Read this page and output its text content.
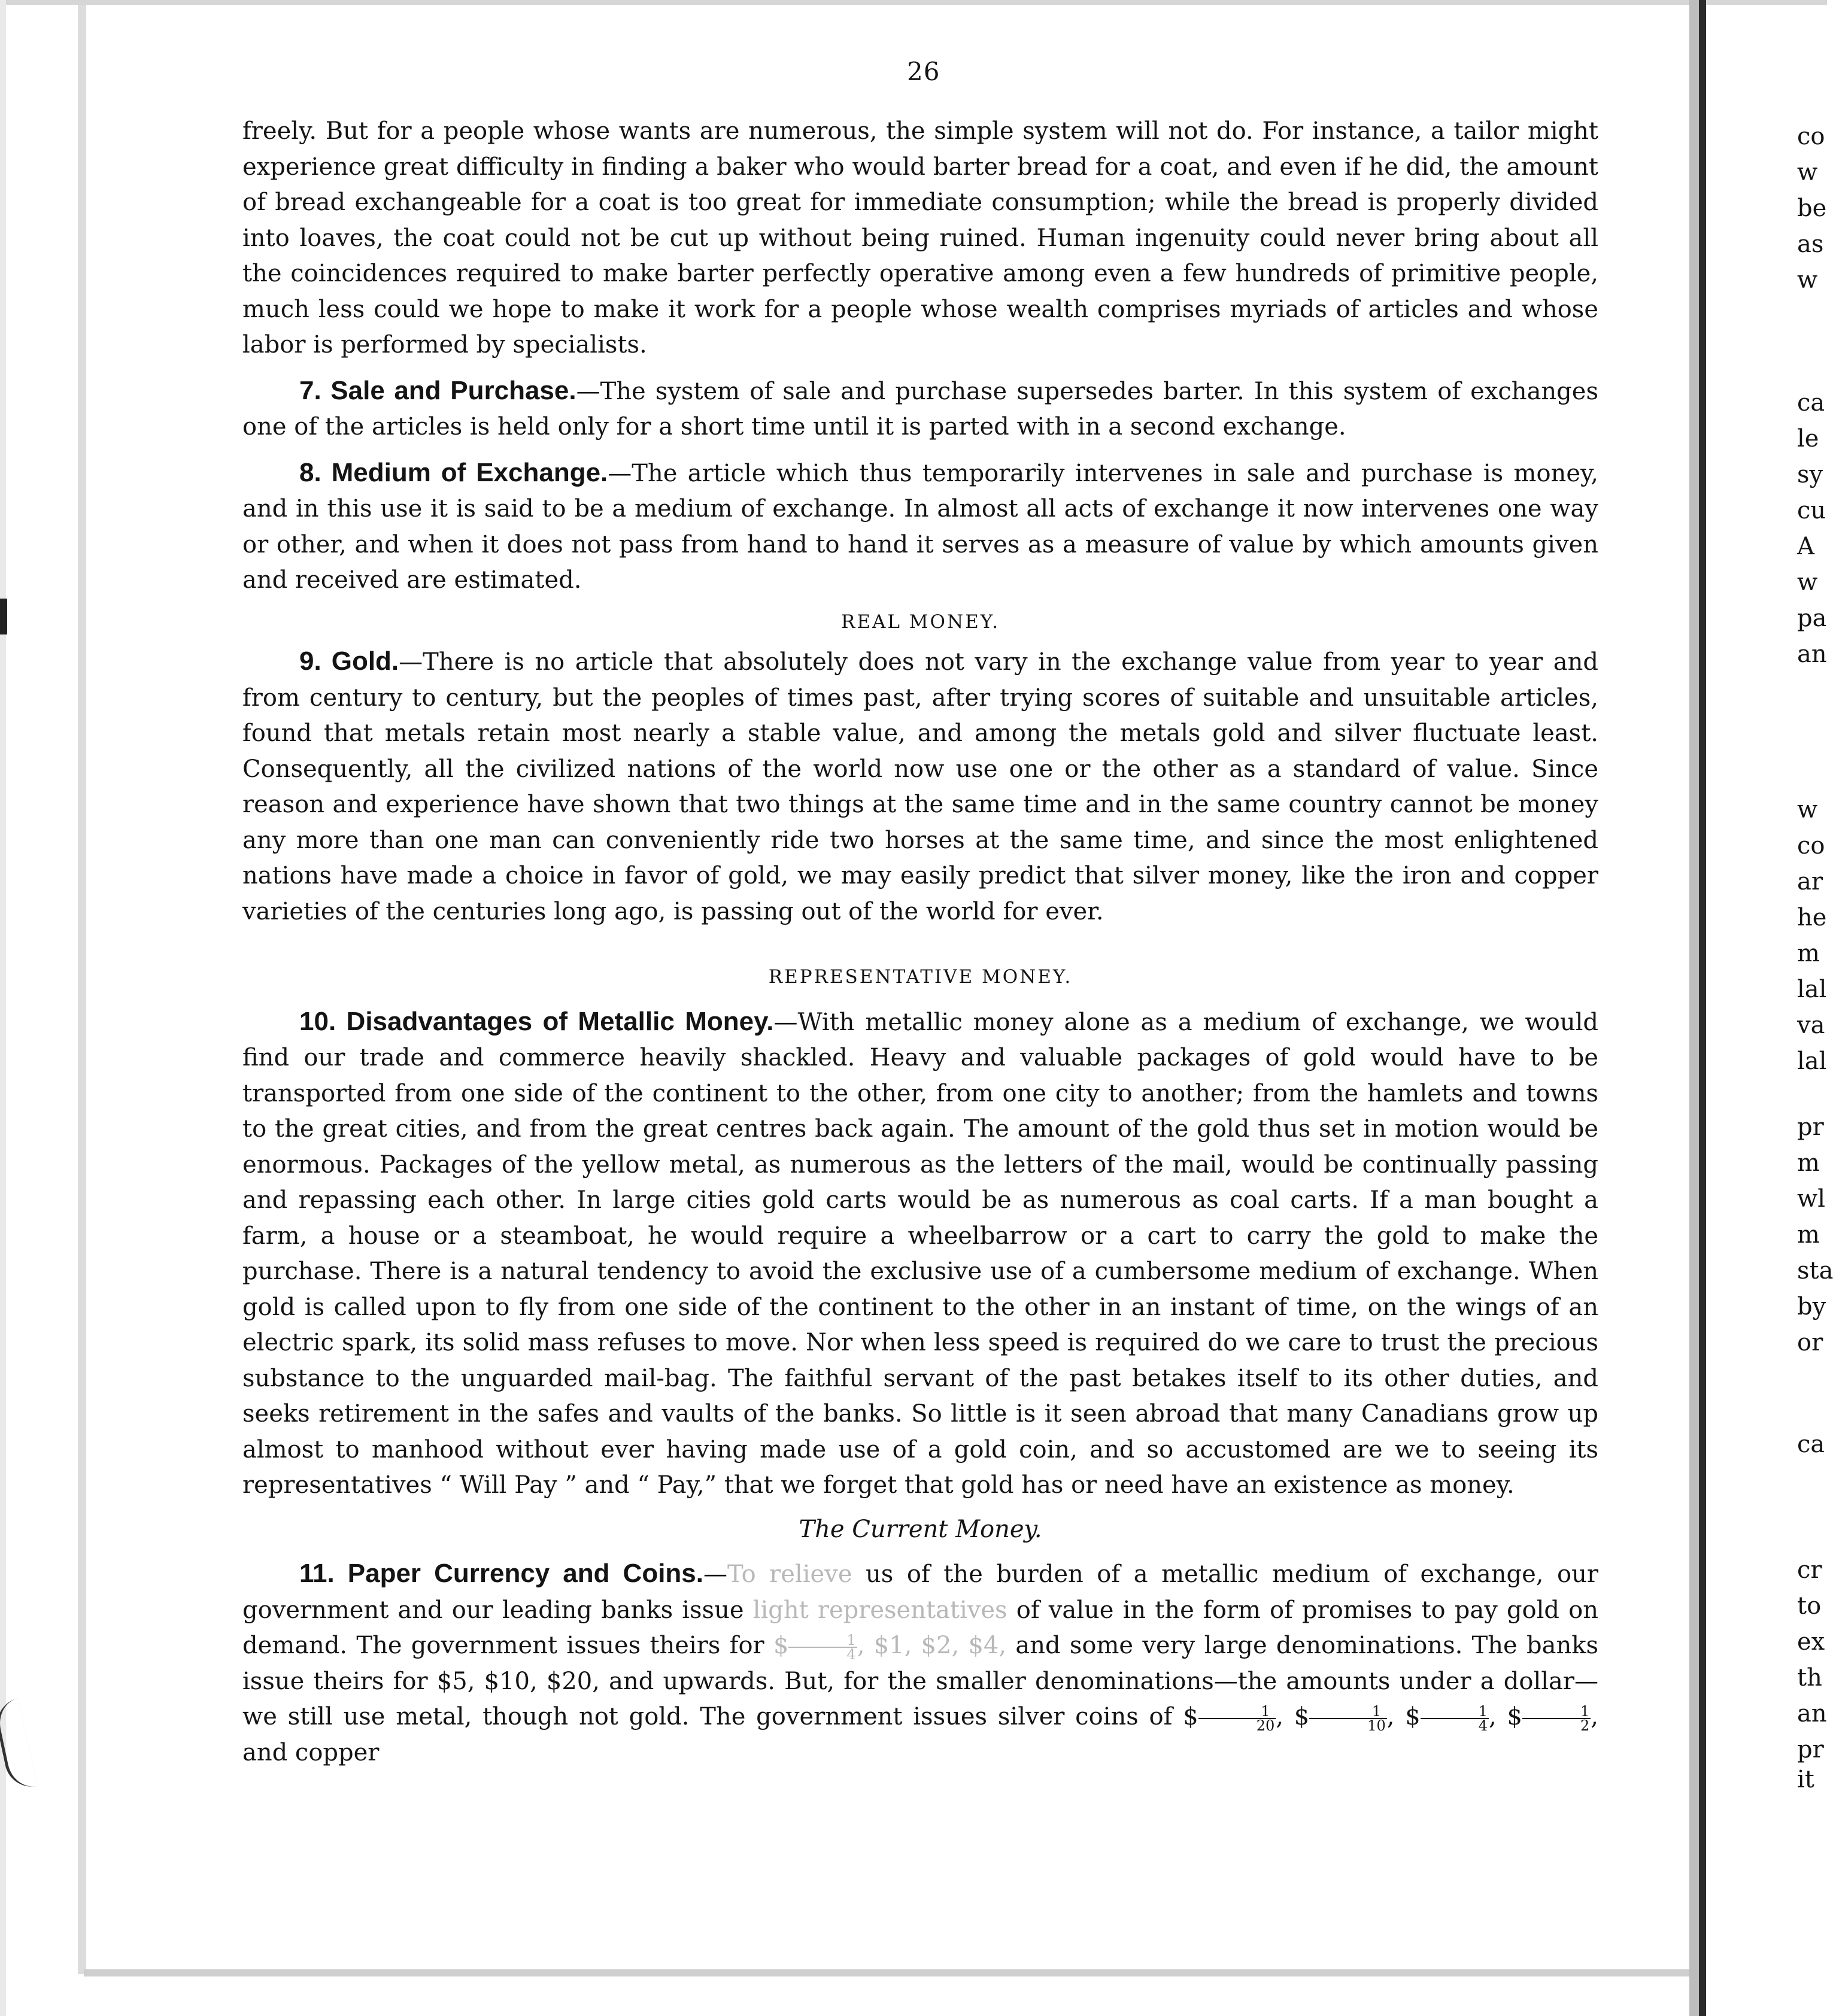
26

freely. But for a people whose wants are numerous, the simple system will not do. For instance, a tailor might experience great difficulty in finding a baker who would barter bread for a coat, and even if he did, the amount of bread exchangeable for a coat is too great for immediate consumption; while the bread is properly divided into loaves, the coat could not be cut up without being ruined. Human ingenuity could never bring about all the coincidences required to make barter perfectly operative among even a few hundreds of primitive people, much less could we hope to make it work for a people whose wealth comprises myriads of articles and whose labor is performed by specialists.

7. Sale and Purchase.—The system of sale and purchase supersedes barter. In this system of exchanges one of the articles is held only for a short time until it is parted with in a second exchange.

8. Medium of Exchange.—The article which thus temporarily intervenes in sale and purchase is money, and in this use it is said to be a medium of exchange. In almost all acts of exchange it now intervenes one way or other, and when it does not pass from hand to hand it serves as a measure of value by which amounts given and received are estimated.

REAL MONEY.

9. Gold.—There is no article that absolutely does not vary in the exchange value from year to year and from century to century, but the peoples of times past, after trying scores of suitable and unsuitable articles, found that metals retain most nearly a stable value, and among the metals gold and silver fluctuate least. Consequently, all the civilized nations of the world now use one or the other as a standard of value. Since reason and experience have shown that two things at the same time and in the same country cannot be money any more than one man can conveniently ride two horses at the same time, and since the most enlightened nations have made a choice in favor of gold, we may easily predict that silver money, like the iron and copper varieties of the centuries long ago, is passing out of the world for ever.

REPRESENTATIVE MONEY.

10. Disadvantages of Metallic Money.—With metallic money alone as a medium of exchange, we would find our trade and commerce heavily shackled. Heavy and valuable packages of gold would have to be transported from one side of the continent to the other, from one city to another; from the hamlets and towns to the great cities, and from the great centres back again. The amount of the gold thus set in motion would be enormous. Packages of the yellow metal, as numerous as the letters of the mail, would be continually passing and repassing each other. In large cities gold carts would be as numerous as coal carts. If a man bought a farm, a house or a steamboat, he would require a wheelbarrow or a cart to carry the gold to make the purchase. There is a natural tendency to avoid the exclusive use of a cumbersome medium of exchange. When gold is called upon to fly from one side of the continent to the other in an instant of time, on the wings of an electric spark, its solid mass refuses to move. Nor when less speed is required do we care to trust the precious substance to the unguarded mail-bag. The faithful servant of the past betakes itself to its other duties, and seeks retirement in the safes and vaults of the banks. So little is it seen abroad that many Canadians grow up almost to manhood without ever having made use of a gold coin, and so accustomed are we to seeing its representatives “ Will Pay ” and “ Pay,” that we forget that gold has or need have an existence as money.

The Current Money.

11. Paper Currency and Coins.—To relieve us of the burden of a metallic medium of exchange, our government and our leading banks issue light representatives of value in the form of promises to pay gold on demand. The government issues theirs for $ $\frac{1}{4}$ , $1, $2, $4, and some very large denominations. The banks issue theirs for $5, $10, $20, and upwards. But, for the smaller denominations—the amounts under a dollar—we still use metal, though not gold. The government issues silver coins of $ $\frac{1}{20}$ , $ $\frac{1}{10}$ , $ $\frac{1}{4}$ , $ $\frac{1}{2}$ , and copper

co
w
be
as
w
ca
le
sy
cu
A
w
pa
an
w
co
ar
he
m
lal
va
lal
pr
m
wl
m
sta
by
or
ca
cr
to
ex
th
an
pr
it
